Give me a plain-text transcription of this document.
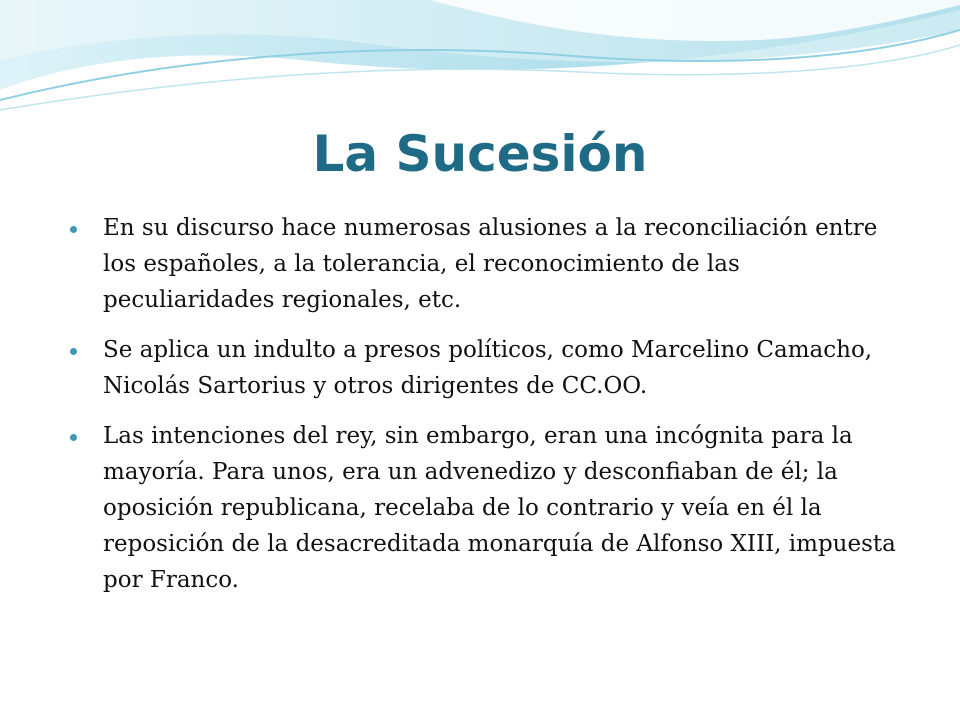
La Sucesión
En su discurso hace numerosas alusiones a la reconciliación entre los españoles, a la tolerancia, el reconocimiento de las peculiaridades regionales, etc.
Se aplica un indulto a presos políticos, como Marcelino Camacho, Nicolás Sartorius y otros dirigentes de CC.OO.
Las intenciones del rey, sin embargo, eran una incógnita para la mayoría. Para unos, era un advenedizo y desconfiaban de él; la oposición republicana, recelaba de lo contrario y veía en él la reposición de la desacreditada monarquía de Alfonso XIII, impuesta por Franco.
